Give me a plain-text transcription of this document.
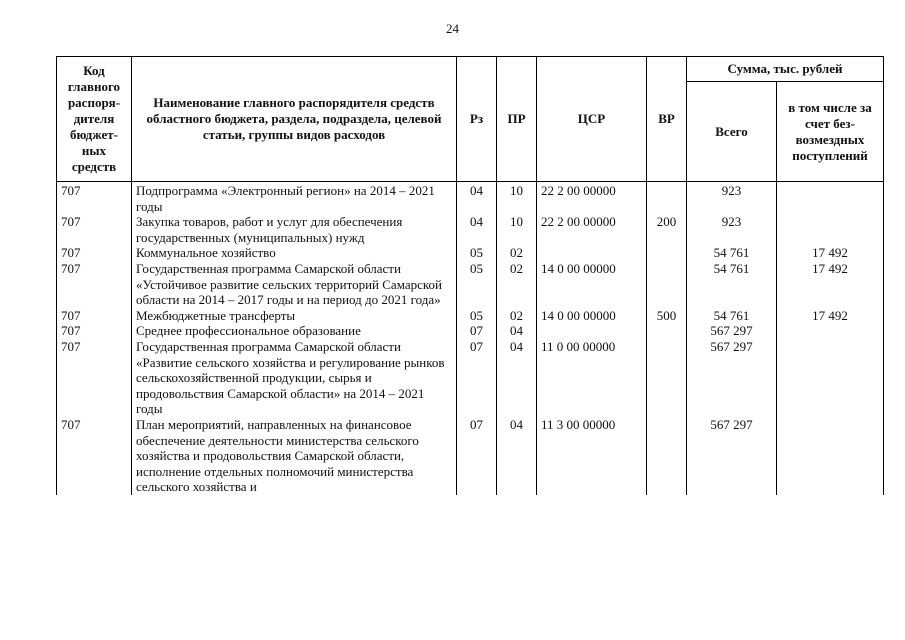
24
Код главного распоря-дителя бюджет-ных средств	Наименование главного распорядителя средств областного бюджета, раздела, подраздела, целевой статьи, группы видов расходов	Рз	ПР	ЦСР	ВР	Сумма, тыс. рублей	
						Всего	в том числе за счет без-возмездных поступлений
707	Подпрограмма «Электронный регион» на 2014 – 2021 годы	04	10	22 2 00 00000		923	
707	Закупка товаров, работ и услуг для обеспечения государственных (муниципальных) нужд	04	10	22 2 00 00000	200	923	
707	Коммунальное хозяйство	05	02			54 761	17 492
707	Государственная программа Самарской области «Устойчивое развитие сельских территорий Самарской области на 2014 – 2017 годы и на период до 2021 года»	05	02	14 0 00 00000		54 761	17 492
707	Межбюджетные трансферты	05	02	14 0 00 00000	500	54 761	17 492
707	Среднее профессиональное образование	07	04			567 297	
707	Государственная программа Самарской области «Развитие сельского хозяйства и регулирование рынков сельскохозяйственной продукции, сырья и продовольствия Самарской области» на 2014 – 2021 годы	07	04	11 0 00 00000		567 297	
707	План мероприятий, направленных на финансовое обеспечение деятельности министерства сельского хозяйства и продовольствия Самарской области, исполнение отдельных полномочий министерства сельского хозяйства и	07	04	11 3 00 00000		567 297	
